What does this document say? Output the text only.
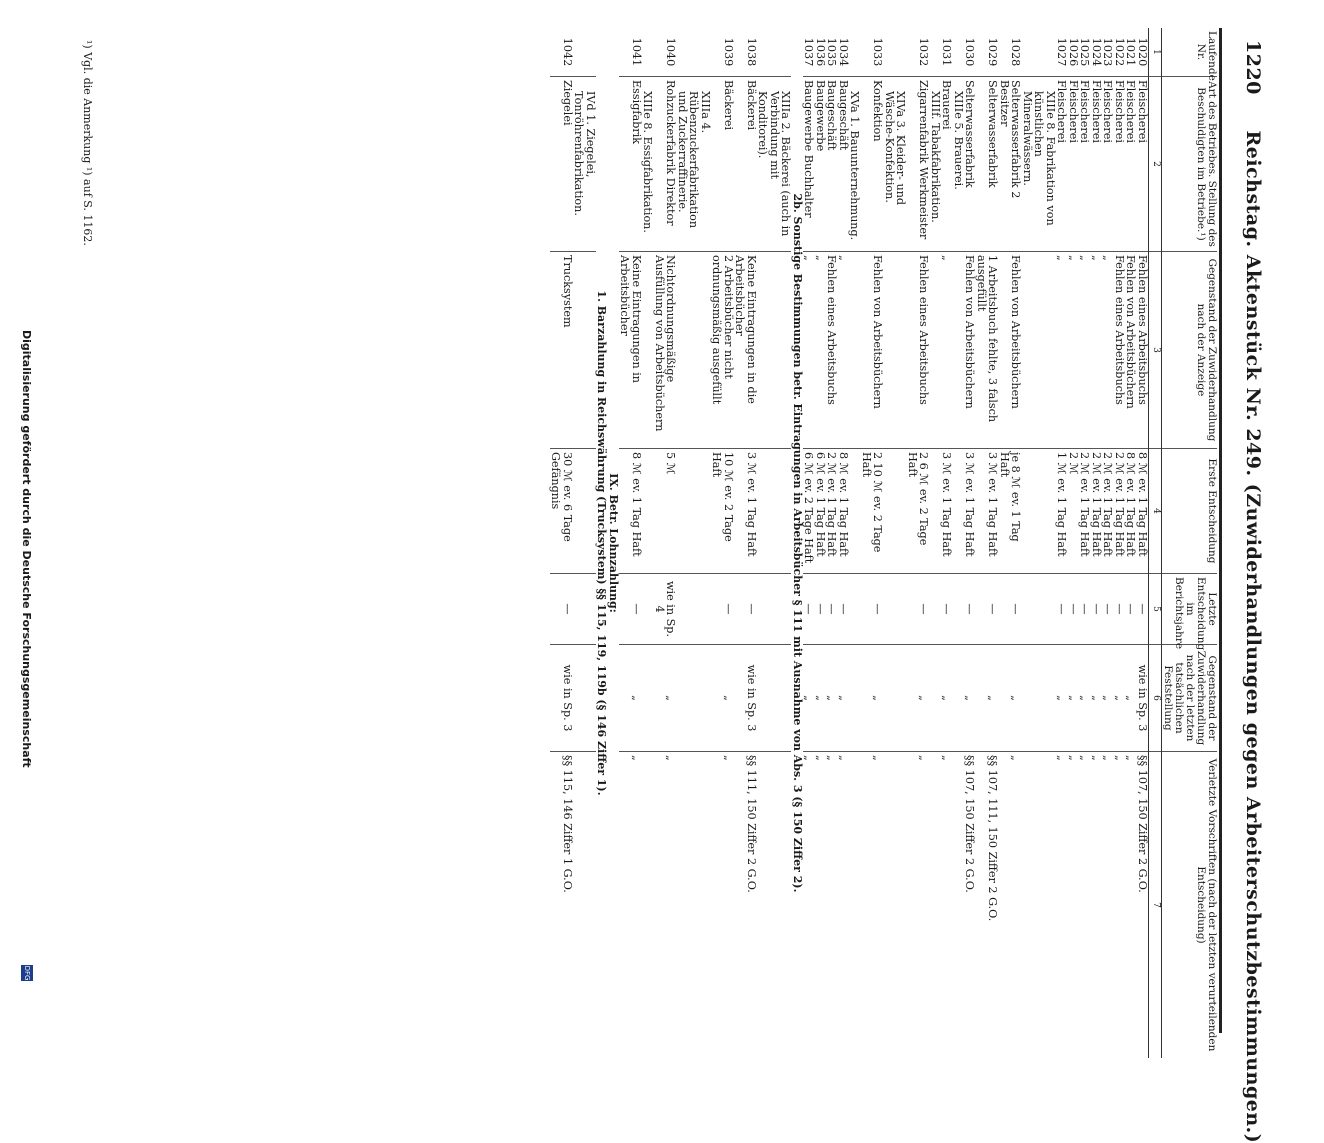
1220     Reichstag. Aktenstück Nr. 249. (Zuwiderhandlungen gegen Arbeiterschutzbestimmungen.)
Laufende Nr.	Art des Betriebes. Stellung des Beschuldigten im Betriebe.¹)	Gegenstand der Zuwiderhandlung nach der Anzeige	Erste Entscheidung	Letzte Entscheidung im Berichtsjahre	Gegenstand der Zuwiderhandlung nach der letzten tatsächlichen Feststellung	Verletzte Vorschriften (nach der letzten verurteilenden Entscheidung)
1	2	3	4	5	6	7
1020	Fleischerei	Fehlen eines Arbeitsbuchs	8 ℳ ev. 1 Tag Haft	—	wie in Sp. 3	§§ 107, 150 Ziffer 2 G.O.
1021	Fleischerei	Fehlen von Arbeitsbüchern	8 ℳ ev. 1 Tag Haft	—	„	„
1022	Fleischerei	Fehlen eines Arbeitsbuchs	2 ℳ ev. 1 Tag Haft	—	„	„
1023	Fleischerei	„	2 ℳ ev. 1 Tag Haft	—	„	„
1024	Fleischerei	„	2 ℳ ev. 1 Tag Haft	—	„	„
1025	Fleischerei	„	2 ℳ ev. 1 Tag Haft	—	„	„
1026	Fleischerei	„	2 ℳ	—	„	„
1027	Fleischerei	„	1 ℳ ev. 1 Tag Haft	—	„	„
	XIIIe 8. Fabrikation von künstlichen Mineralwässern.					
1028	Selterwasserfabrik 2 Besitzer	Fehlen von Arbeitsbüchern	je 8 ℳ ev. 1 Tag Haft	—	„	„
1029	Selterwasserfabrik	1 Arbeitsbuch fehlte, 3 falsch ausgefüllt	3 ℳ ev. 1 Tag Haft	—	„	§§ 107, 111, 150 Ziffer 2 G.O.
1030	Selterwasserfabrik	Fehlen von Arbeitsbüchern	3 ℳ ev. 1 Tag Haft	—	„	§§ 107, 150 Ziffer 2 G.O.
	XIIIe 5. Brauerei.					
1031	Brauerei	„	3 ℳ ev. 1 Tag Haft	—	„	„
	XIIIf. Tabakfabrikation.					
1032	Zigarrenfabrik Werkmeister	Fehlen eines Arbeitsbuchs	2 6 ℳ ev. 2 Tage Haft	—	„	„
	XIVa 3. Kleider- und Wäsche-Konfektion.					
1033	Konfektion	Fehlen von Arbeitsbüchern	2 10 ℳ ev. 2 Tage Haft	—	„	„
	XVa 1. Bauunternehmung.					
1034	Baugeschäft	„	8 ℳ ev. 1 Tag Haft	—	„	„
1035	Baugeschäft	Fehlen eines Arbeitsbuchs	2 ℳ ev. 1 Tag Haft	—	„	„
1036	Baugewerbe	„	6 ℳ ev. 1 Tag Haft	—	„	„
1037	Baugewerbe Buchhalter	„	6 ℳ ev. 2 Tage Haft	—	„	„
2b. Sonstige Bestimmungen betr. Eintragungen in Arbeitsbücher § 111 mit Ausnahme von Abs. 3 (§ 150 Ziffer 2).						
	XIIIa 2. Bäckerei (auch in Verbindung mit Konditorei).					
1038	Bäckerei	Keine Eintragungen in die Arbeitsbücher	3 ℳ ev. 1 Tag Haft	—	wie in Sp. 3	§§ 111, 150 Ziffer 2 G.O.
1039	Bäckerei	2 Arbeitsbücher nicht ordnungsmäßig ausgefüllt	10 ℳ ev. 2 Tage Haft	—	„	„
	XIIIa 4. Rübenzuckerfabrikation und Zuckerraffinerie.					
1040	Rohzuckerfabrik Direktor	Nichtordnungsmäßige Ausfüllung von Arbeitsbüchern	5 ℳ	wie in Sp. 4	„	„
	XIIIe 8. Essigfabrikation.					
1041	Essigfabrik	Keine Eintragungen in Arbeitsbücher	8 ℳ ev. 1 Tag Haft	—	„	„
IX. Betr. Lohnzahlung:						
1. Barzahlung in Reichswährung (Trucksystem) §§ 115, 119, 119b (§ 146 Ziffer 1).						
	IVd 1. Ziegelei, Tonröhrenfabrikation.					
1042	Ziegelei	Trucksystem	30 ℳ ev. 6 Tage Gefängnis	—	wie in Sp. 3	§§ 115, 146 Ziffer 1 G.O.
¹) Vgl. die Anmerkung ¹) auf S. 1162.
Digitalisierung gefördert durch die Deutsche Forschungsgemeinschaft
DFG
